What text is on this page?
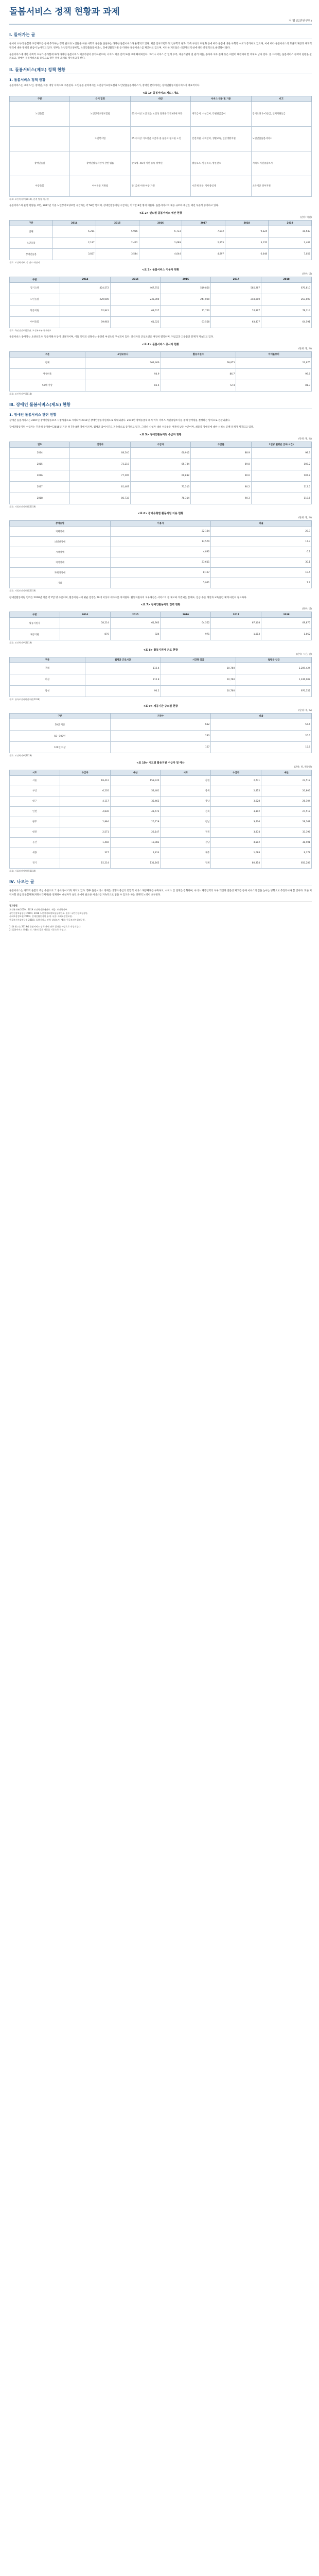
돌봄서비스 정책 현황과 과제
저 명 (보건연구원)
Ⅰ. 들어가는 글

들어서 초부터 돌봄과 보장제도를 통해 추가하는 정책 필요와 노인들을 위한 사회적 돌봄을 실천하는 다양한 돌봄서비스가 운영되고 있다. 최근 인구고령화 및 인구학적 변화, 가족 구성의 다변화 등에 따라 돌봄에 대한 사회적 수요가 증가하고 있으며, 이에 따라 돌봄서비스의 효율적 제공과 체계적 관리에 대한 정책적 관심이 높아지고 있다. 정부는 노인장기요양보험, 노인맞춤돌봄서비스, 장애인활동지원 등 다양한 돌봄서비스를 제공하고 있으며, 이러한 제도들은 대상자의 특성에 따라 분절적으로 운영되어 왔다.

돌봄서비스에 대한 사회적 요구가 증가함에 따라 다양한 돌봄서비스 제공기관이 증가하였으며, 서비스 제공 인력 또한 크게 확대되었다. 그러나 서비스 간 연계 부족, 제공기관의 질 관리 미흡, 종사자 처우 문제 등은 여전히 해결해야 할 과제로 남아 있다. 본 고에서는 돌봄서비스 정책의 현황을 살펴보고, 장애인 돌봄서비스를 중심으로 향후 정책 과제를 제시하고자 한다.

Ⅱ. 돌봄서비스(제도) 정책 현황
1. 돌봄서비스 정책 현황

돌봄서비스는 크게 노인, 장애인, 아동 대상 서비스로 구분된다. 노인돌봄 분야에서는 노인장기요양보험과 노인맞춤돌봄서비스가, 장애인 분야에서는 장애인활동지원서비스가 대표적이다.

<표 1> 돌봄서비스(제도) 개요
구분	근거 법령	대상	서비스 내용 및 기준	비고
노인돌봄	노인장기요양보험법	65세 이상 노인 또는 노인성 질병을 가진 65세 미만	재가급여, 시설급여, 특별현금급여	장기요양 1~5등급, 인지지원등급
	노인복지법	65세 이상 기초연금 수급자 중 돌봄이 필요한 노인	안전지원, 사회참여, 생활교육, 일상생활지원	노인맞춤돌봄서비스
장애인돌봄	장애인활동지원에 관한 법률	만 6세~65세 미만 등록 장애인	활동보조, 방문목욕, 방문간호	서비스 지원종합조사
아동돌봄	아이돌봄 지원법	만 12세 이하 아동 가정	시간제 돌봄, 영아종일제	소득기준 정부지원
자료: 보건복지부(2019), 관계 법령 재구성

돌봄서비스의 운영 현황을 보면, 2017년 기준 노인장기요양보험 수급자는 약 58만 명이며, 장애인활동지원 수급자는 약 7만 8천 명에 이른다. 돌봄서비스의 제공 규모와 예산은 매년 꾸준히 증가하고 있다.

<표 2> 연도별 돌봄서비스 예산 현황
(단위: 억원)
구분	2014	2015	2016	2017	2018	2019
전체	5,214	5,956	6,733	7,812	9,224	10,543
노인돌봄	2,187	2,412	2,689	2,915	3,176	3,487
장애인돌봄	3,027	3,544	4,044	4,897	6,048	7,056
자료: 보건복지부, 각 연도 예산서
<표 3> 돌봄서비스 이용자 현황
(단위: 명)
구분	2014	2015	2016	2017	2018
장기요양	424,572	467,752	519,850	585,287	670,810
노인돌봄	220,000	235,000	241,000	248,000	263,000
활동지원	62,941	68,617	71,720	74,967	78,314
아이돌봄	59,963	61,322	63,558	63,477	64,591
자료: 국민건강보험공단, 보건복지부 통계연보

돌봄서비스 종사자는 요양보호사, 활동지원사 등이 대표적이며, 이들 인력의 상당수는 중장년 여성으로 구성되어 있다. 종사자의 근로조건은 여전히 열악하며, 저임금과 고용불안 문제가 지속되고 있다.

<표 4> 돌봄서비스 종사자 현황
(단위: 명, %)
구분	요양보호사	활동지원사	아이돌보미
전체	363,466	69,875	23,675
여성비율	94.9	86.7	99.8
50대 이상	83.5	72.4	81.3
자료: 보건복지부(2018)
Ⅲ. 장애인 돌봄서비스(제도) 현황
1. 장애인 돌봄서비스 관련 현황

장애인 돌봄서비스는 2007년 장애인활동보조 시범사업으로 시작되어 2011년 장애인활동지원제도로 확대되었다. 2019년 장애등급제 폐지 이후 서비스 지원종합조사를 통해 급여량을 결정하는 방식으로 전환되었다.

장애인활동지원 수급자는 꾸준히 증가하여 2018년 기준 약 7만 8천 명에 이르며, 월평균 급여시간도 지속적으로 증가하고 있다. 그러나 신청자 대비 수급률은 여전히 낮은 수준이며, 최중증 장애인에 대한 서비스 공백 문제가 제기되고 있다.

<표 5> 장애인활동지원 수급자 현황
(단위: 명, %)
연도	신청자	수급자	수급률	1인당 월평균 급여(시간)
2014	68,540	60,912	88.9	98.3
2015	73,218	65,734	89.8	103.2
2016	77,105	69,832	90.6	107.8
2017	81,467	73,513	90.2	112.5
2018	86,732	78,314	90.3	118.6
자료: 사회보장정보원(2019)
<표 6> 장애유형별 활동지원 이용 현황
(단위: 명, %)
장애유형	이용자	비율
지체장애	22,184	28.3
뇌병변장애	13,579	17.3
시각장애	4,892	6.2
지적장애	23,611	30.1
자폐성장애	8,107	10.4
기타	5,941	7.7
자료: 사회보장정보원(2019)

장애인활동지원 인력은 2018년 기준 약 7만 명 수준이며, 활동지원사의 평균 연령은 50대 이상이 대다수를 차지한다. 활동지원사의 처우개선은 서비스의 질 제고와 직결되는 문제로, 임금 수준 개선과 교육훈련 체계 마련이 필요하다.

<표 7> 장애인활동지원 인력 현황
(단위: 명)
구분	2014	2015	2016	2017	2018
활동지원사	58,214	61,903	64,552	67,108	69,875
제공기관	876	924	971	1,013	1,062
자료: 보건복지부(2019)
<표 8> 활동지원사 근로 현황
(단위: 시간, 원)
구분	월평균 근로시간	시간당 임금	월평균 임금
전체	112.4	10,760	1,209,424
여성	115.8	10,760	1,246,008
남성	90.2	10,760	970,552
자료: 한국보건사회연구원(2018)
<표 9> 제공기관 규모별 현황
(단위: 개, %)
구분	기관수	비율
50인 미만	612	57.6
50~100인	283	26.6
100인 이상	167	15.8
자료: 보건복지부(2019)
<표 10> 시도별 활동지원 수급자 및 예산
(단위: 명, 백만원)
시도	수급자	예산	시도	수급자	예산
서울	18,412	158,740	강원	2,731	23,512
부산	6,205	53,481	충북	2,415	20,806
대구	4,117	35,462	충남	3,028	26,104
인천	4,836	41,672	전북	3,192	27,518
광주	2,984	25,719	전남	3,406	29,368
대전	2,571	22,147	경북	3,874	33,396
울산	1,402	12,083	경남	4,512	38,901
세종	327	2,814	제주	1,088	9,378
경기	15,214	131,165	전체	80,314	650,286
자료: 사회보장정보원(2019)
Ⅳ. 나오는 글

돌봄서비스는 사회적 돌봄의 핵심 수단으로 그 중요성이 더욱 커지고 있다. 향후 돌봄서비스 정책은 대상자 중심의 통합적 서비스 제공체계를 구축하고, 서비스 간 연계를 강화하며, 서비스 제공인력의 처우 개선과 전문성 제고를 통해 서비스의 질을 높이는 방향으로 추진되어야 할 것이다. 또한 지역사회 중심의 돌봄체계(커뮤니티케어)와 연계하여 대상자가 살던 곳에서 필요한 서비스를 지속적으로 받을 수 있도록 하는 정책적 노력이 요구된다.

참고문헌
보건복지부(2019). 2019 보건복지통계연보. 세종: 보건복지부.
국민건강보험공단(2019). 2018 노인장기요양보험통계연보. 원주: 국민건강보험공단.
사회보장정보원(2019). 장애인활동지원 통계. 서울: 사회보장정보원.
한국보건사회연구원(2018). 돌봄서비스 인력 실태조사. 세종: 한국보건사회연구원.
1) 본 원고는 2019년 돌봄서비스 정책 관련 연구 결과를 바탕으로 작성되었다.
2) 돌봄서비스 통계는 각 기관의 공표 자료를 기준으로 하였다.
